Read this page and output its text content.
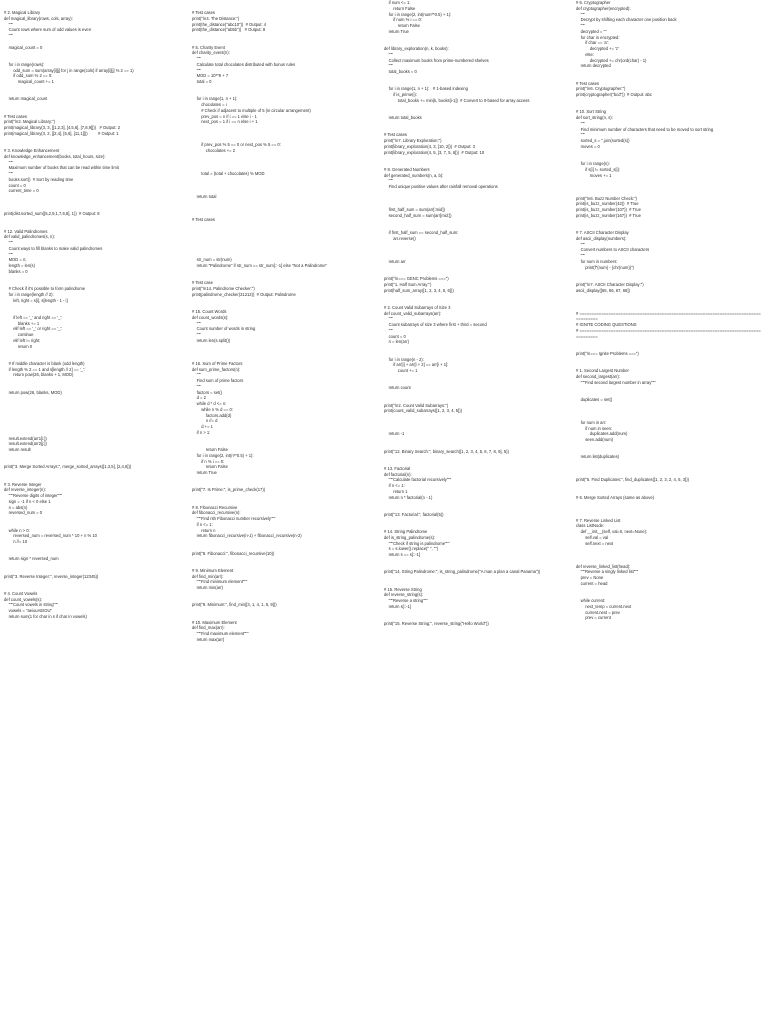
# 2. Magical Library
def magical_library(rows, cols, array):
"""
Count rows where sum of odd values is even
"""
magical_count = 0
for i in range(rows):
odd_sum = sum(array[i][j] for j in range(cols) if array[i][j] % 2 == 1)
if odd_sum % 2 == 0:
magical_count += 1
return magical_count
# Test cases
print("\n2. Magical Library:")
print(magical_library(3, 3, [[1,2,3], [4,5,6], [7,8,9]]))   # Output: 2
print(magical_library(3, 2, [[2,4], [5,6], [11,1]]))         # Output: 1
# 3. Knowledge Enhancement
def knowledge_enhancement(books, total_hours, size):
"""
Maximum number of books that can be read within time limit
"""
books.sort()  # Sort by reading time
count = 0
current_time = 0
print(dist.sorted_sum([5,2,9,1,7,6,8], 1))  # Output: 8
# 12. Valid Palindromes
def valid_palindromes(s, n):
"""
Count ways to fill blanks to make valid palindromes
"""
MOD = n;
length = len(s)
blanks = 0
# Check if it's possible to form palindrome
for i in range(length // 2):
left, right = s[i], s[length - 1 - i]
if left == '_' and right == '_':
blanks += 1
elif left == '_' or right == '_':
continue
elif left != right:
return 0
# If middle character is blank (odd length)
if length % 2 == 1 and s[length // 2] == '_':
return pow(26, blanks + 1, MOD)
return pow(26, blanks, MOD)
result.extend(arr1[i:])
result.extend(arr2[j:])
return result
print("3. Merge Sorted Arrays:", merge_sorted_arrays([1,3,5], [2,4,6]))
# 3. Reverse Integer
def reverse_integer(n):
"""Reverse digits of integer"""
sign = -1 if n < 0 else 1
n = abs(n)
reversed_num = 0
while n > 0:
reversed_num = reversed_num * 10 + n % 10
n //= 10
return sign * reversed_num
print("3. Reverse Integer:", reverse_integer(12345))
# 4. Count Vowels
def count_vowels(s):
"""Count vowels in string"""
vowels = "aeiouAEIOU"
return sum(1 for char in s if char in vowels)
# Test cases
print("\n4. The Distance:")
print(the_distance("abc10"))  # Output: 4
print(the_distance("ab5b"))   # Output: 8
# 5. Charity Event
def charity_event(n):
"""
Calculate total chocolates distributed with bonus rules
"""
MOD = 10**9 + 7
total = 0
for i in range(1, n + 1):
chocolates = i
# Check if adjacent to multiple of 5 (in circular arrangement)
prev_pos = n if i == 1 else i - 1
next_pos = 1 if i == n else i + 1
if prev_pos % 5 == 0 or next_pos % 5 == 0:
chocolates += 2
total = (total + chocolates) % MOD
return total
# Test cases
str_num = str(num)
return "Palindrome" if str_num == str_num[::-1] else "Not a Palindrome"
# Test case
print("\n14. Palindrome Checker:")
print(palindrome_checker(21212))  # Output: Palindrome
# 15. Count Words
def count_words(s):
"""
Count number of words in string
"""
return len(s.split())
# 16. Sum of Prime Factors
def sum_prime_factors(n):
"""
Find sum of prime factors
"""
factors = set()
d = 2
while d * d <= n:
while n % d == 0:
factors.add(d)
n //= d
d += 1
if n > 1:
return False
for i in range(2, int(n**0.5) + 1):
if n % i == 0:
return False
return True
print("7. Is Prime:", is_prime_check(17))
# 8. Fibonacci Recursive
def fibonacci_recursive(n):
"""Find nth Fibonacci number recursively"""
if n <= 1:
return n
return fibonacci_recursive(n-1) + fibonacci_recursive(n-2)
print("8. Fibonacci:", fibonacci_recursive(10))
# 9. Minimum Element
def find_min(arr):
"""Find minimum element"""
return min(arr)
print("9. Minimum:", find_min([3, 1, 4, 1, 5, 9]))
# 10. Maximum Element
def find_max(arr):
"""Find maximum element"""
return max(arr)
if num <= 1:
return False
for i in range(2, int(num**0.5) + 1):
if num % i == 0:
return False
return True
def library_exploration(n, k, books):
"""
Collect maximum books from prime-numbered shelves
"""
total_books = 0
for i in range(1, n + 1):   # 1-based indexing
if is_prime(i):
total_books += min(k, books[i-1])  # Convert to 0-based for array access
return total_books
# Test cases
print("\n7. Library Exploration:")
print(library_exploration(4, 3, [10, 2]))  # Output: 3
print(library_exploration(4, 5, [3, 7, 5, 6]))  # Output: 10
# 8. Generated Numbers
def generated_numbers(n, a, b):
"""
Find unique positive values after rainfall removal operations
first_half_sum = sum(arr[:mid])
second_half_sum = sum(arr[mid:])
if first_half_sum == second_half_sum:
arr.reverse()
return arr
print("\n=== GENC Problems ===")
print("1. Half Sum Array:")
print(half_sum_array([1, 2, 3, 4, 5, 6]))
# 2. Count Valid Subarrays of Size 3
def count_valid_subarrays(arr):
"""
Count subarrays of size 3 where first + third = second
"""
count = 0
n = len(arr)
for i in range(n - 2):
if arr[i] + arr[i + 2] == arr[i + 1]:
count += 1
return count
print("\n2. Count Valid Subarrays:")
print(count_valid_subarrays([1, 2, 3, 4, 5]))
return -1
print("12. Binary Search:", binary_search([1, 2, 3, 4, 5, 6, 7, 8, 9], 5))
# 13. Factorial
def factorial(n):
"""Calculate factorial recursively"""
if n <= 1:
return 1
return n * factorial(n - 1)
print("13. Factorial:", factorial(5))
# 14. String Palindrome
def is_string_palindrome(s):
"""Check if string is palindrome"""
s = s.lower().replace(" ", "")
return s == s[::-1]
print("14. String Palindrome:", is_string_palindrome("A man a plan a canal Panama"))
# 15. Reverse String
def reverse_string(s):
"""Reverse a string"""
return s[::-1]
print("15. Reverse String:", reverse_string("Hello World"))
# 6. Cryptographer
def cryptographer(encrypted):
"""
Decrypt by shifting each character one position back
"""
decrypted = ""
for char in encrypted:
if char == 'a':
decrypted += 'z'
else:
decrypted += chr(ord(char) - 1)
return decrypted
# Test cases
print("\n6. Cryptographer:")
print(cryptographer("bcd"))  # Output: abc
# 10. Sort String
def sort_string(n, s):
"""
Find minimum number of characters that need to be moved to sort string
"""
sorted_s = ''.join(sorted(s))
moves = 0
for i in range(n):
if s[i] != sorted_s[i]:
moves += 1
print("\n6. Buzz Number Check:")
print(is_buzz_number(42))  # True
print(is_buzz_number(107))  # True
print(is_buzz_number(167))  # True
# 7. ASCII Character Display
def ascii_display(numbers):
"""
Convert numbers to ASCII characters
"""
for num in numbers:
print(f"{num} - {chr(num)}")
print("\n7. ASCII Character Display:")
ascii_display([65, 66, 67, 68])
# ===========================================================================
=========
# IGNITE CODING QUESTIONS
# ===========================================================================
=========
print("\n=== Ignite Problems ===")
# 1. Second Largest Number
def second_largest(arr):
"""Find second largest number in array"""
duplicates = set()
for num in arr:
if num in seen:
duplicates.add(num)
seen.add(num)
return list(duplicates)
print("5. Find Duplicates:", find_duplicates([1, 2, 3, 2, 4, 5, 3]))
# 6. Merge Sorted Arrays (same as above)
# 7. Reverse Linked List
class ListNode:
def __init__(self, val=0, next=None):
self.val = val
self.next = next
def reverse_linked_list(head):
"""Reverse a singly linked list"""
prev = None
current = head
while current:
next_temp = current.next
current.next = prev
prev = current
